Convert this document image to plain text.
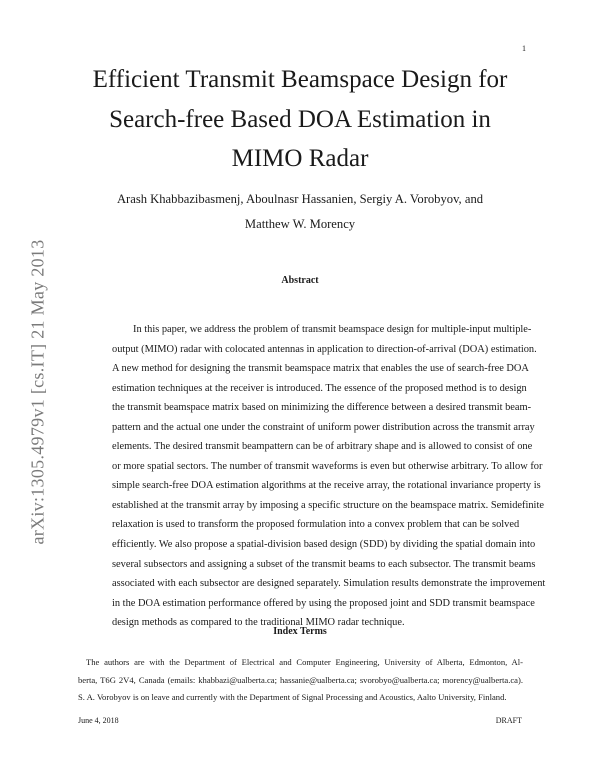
1
arXiv:1305.4979v1 [cs.IT] 21 May 2013
Efficient Transmit Beamspace Design for
Search-free Based DOA Estimation in
MIMO Radar
Arash Khabbazibasmenj, Aboulnasr Hassanien, Sergiy A. Vorobyov, and
Matthew W. Morency
Abstract
In this paper, we address the problem of transmit beamspace design for multiple-input multiple-
output (MIMO) radar with colocated antennas in application to direction-of-arrival (DOA) estimation.
A new method for designing the transmit beamspace matrix that enables the use of search-free DOA
estimation techniques at the receiver is introduced. The essence of the proposed method is to design
the transmit beamspace matrix based on minimizing the difference between a desired transmit beam-
pattern and the actual one under the constraint of uniform power distribution across the transmit array
elements. The desired transmit beampattern can be of arbitrary shape and is allowed to consist of one
or more spatial sectors. The number of transmit waveforms is even but otherwise arbitrary. To allow for
simple search-free DOA estimation algorithms at the receive array, the rotational invariance property is
established at the transmit array by imposing a specific structure on the beamspace matrix. Semidefinite
relaxation is used to transform the proposed formulation into a convex problem that can be solved
efficiently. We also propose a spatial-division based design (SDD) by dividing the spatial domain into
several subsectors and assigning a subset of the transmit beams to each subsector. The transmit beams
associated with each subsector are designed separately. Simulation results demonstrate the improvement
in the DOA estimation performance offered by using the proposed joint and SDD transmit beamspace
design methods as compared to the traditional MIMO radar technique.
Index Terms
The authors are with the Department of Electrical and Computer Engineering, University of Alberta, Edmonton, Al-
berta, T6G 2V4, Canada (emails: khabbazi@ualberta.ca; hassanie@ualberta.ca; svorobyo@ualberta.ca; morency@ualberta.ca).
S. A. Vorobyov is on leave and currently with the Department of Signal Processing and Acoustics, Aalto University, Finland.
June 4, 2018	DRAFT
